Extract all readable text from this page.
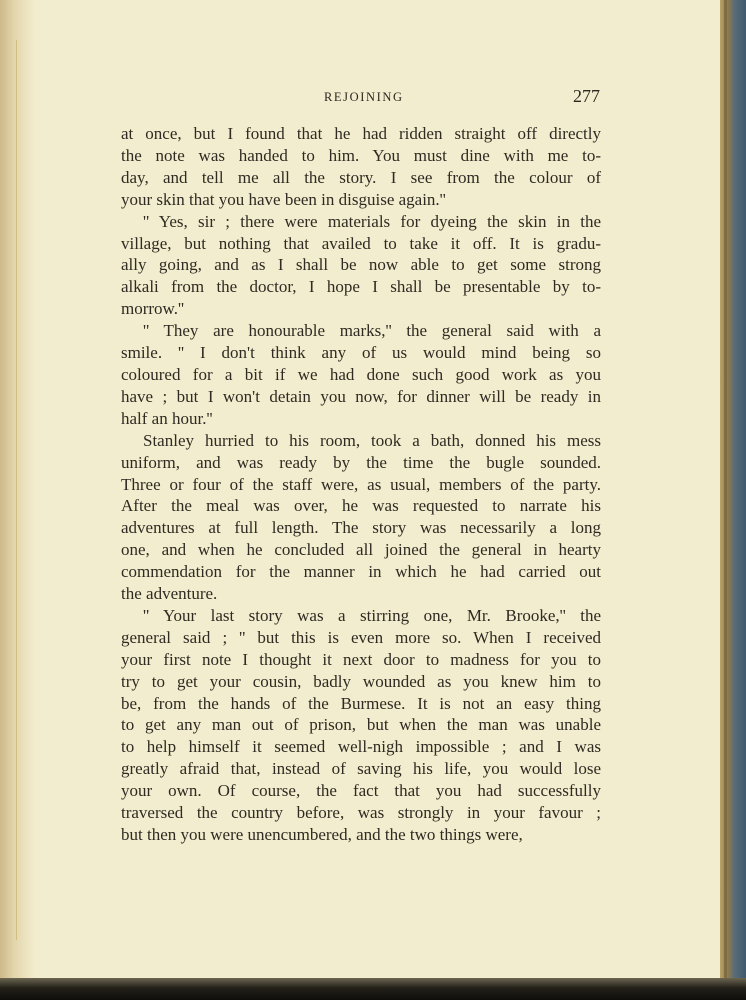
REJOINING	277

at once, but I found that he had ridden straight off directly
the note was handed to him. You must dine with me to-
day, and tell me all the story. I see from the colour of
your skin that you have been in disguise again.''

'' Yes, sir ; there were materials for dyeing the skin in the
village, but nothing that availed to take it off. It is gradu-
ally going, and as I shall be now able to get some strong
alkali from the doctor, I hope I shall be presentable by to-
morrow.''

'' They are honourable marks,'' the general said with a
smile. '' I don't think any of us would mind being so
coloured for a bit if we had done such good work as you
have ; but I won't detain you now, for dinner will be ready in
half an hour.''

Stanley hurried to his room, took a bath, donned his mess
uniform, and was ready by the time the bugle sounded.
Three or four of the staff were, as usual, members of the party.
After the meal was over, he was requested to narrate his
adventures at full length. The story was necessarily a long
one, and when he concluded all joined the general in hearty
commendation for the manner in which he had carried out
the adventure.

'' Your last story was a stirring one, Mr. Brooke,'' the
general said ; '' but this is even more so. When I received
your first note I thought it next door to madness for you to
try to get your cousin, badly wounded as you knew him to
be, from the hands of the Burmese. It is not an easy thing
to get any man out of prison, but when the man was unable
to help himself it seemed well-nigh impossible ; and I was
greatly afraid that, instead of saving his life, you would lose
your own. Of course, the fact that you had successfully
traversed the country before, was strongly in your favour ;
but then you were unencumbered, and the two things were,
